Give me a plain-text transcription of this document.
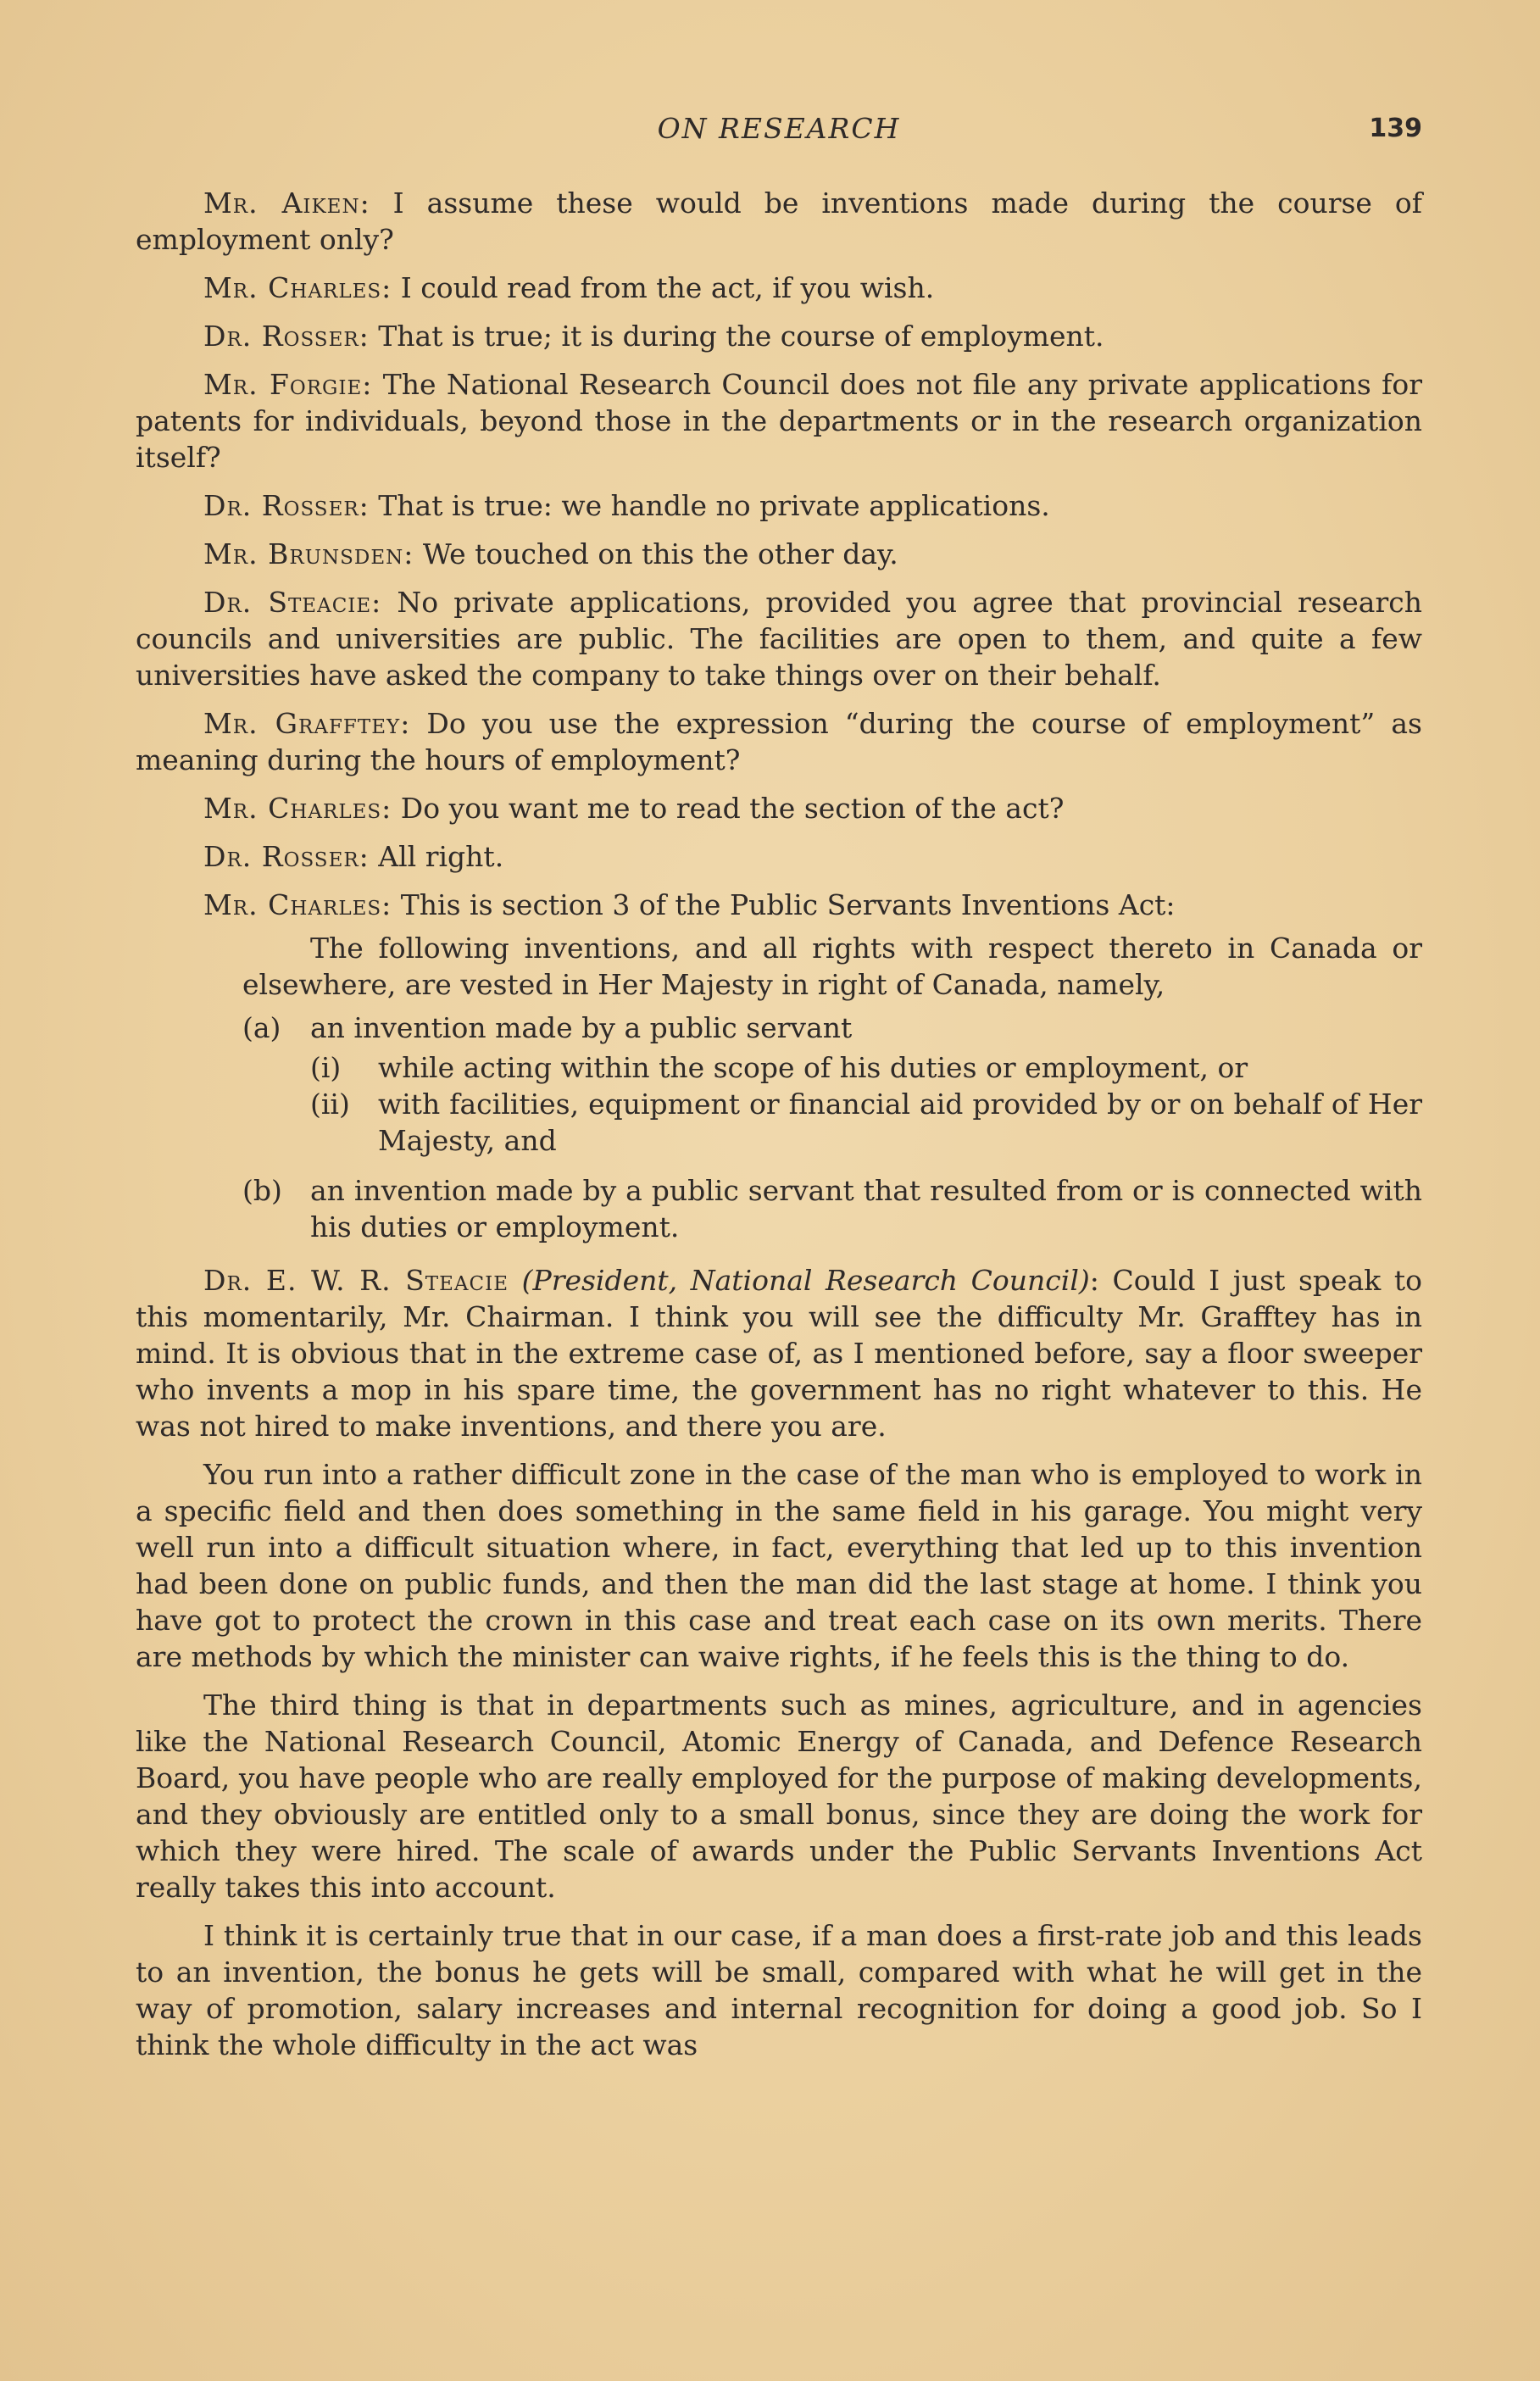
ON RESEARCH	139

Mr. Aiken: I assume these would be inventions made during the course of employment only?

Mr. Charles: I could read from the act, if you wish.

Dr. Rosser: That is true; it is during the course of employment.

Mr. Forgie: The National Research Council does not file any private applications for patents for individuals, beyond those in the departments or in the research organization itself?

Dr. Rosser: That is true: we handle no private applications.

Mr. Brunsden: We touched on this the other day.

Dr. Steacie: No private applications, provided you agree that provincial research councils and universities are public. The facilities are open to them, and quite a few universities have asked the company to take things over on their behalf.

Mr. Grafftey: Do you use the expression “during the course of employment” as meaning during the hours of employment?

Mr. Charles: Do you want me to read the section of the act?

Dr. Rosser: All right.

Mr. Charles: This is section 3 of the Public Servants Inventions Act:

The following inventions, and all rights with respect thereto in Canada or elsewhere, are vested in Her Majesty in right of Canada, namely,

(a) an invention made by a public servant
(i) while acting within the scope of his duties or employment, or
(ii) with facilities, equipment or financial aid provided by or on behalf of Her Majesty, and
(b) an invention made by a public servant that resulted from or is connected with his duties or employment.

Dr. E. W. R. Steacie (President, National Research Council): Could I just speak to this momentarily, Mr. Chairman. I think you will see the difficulty Mr. Grafftey has in mind. It is obvious that in the extreme case of, as I mentioned before, say a floor sweeper who invents a mop in his spare time, the government has no right whatever to this. He was not hired to make inventions, and there you are.

You run into a rather difficult zone in the case of the man who is employed to work in a specific field and then does something in the same field in his garage. You might very well run into a difficult situation where, in fact, everything that led up to this invention had been done on public funds, and then the man did the last stage at home. I think you have got to protect the crown in this case and treat each case on its own merits. There are methods by which the minister can waive rights, if he feels this is the thing to do.

The third thing is that in departments such as mines, agriculture, and in agencies like the National Research Council, Atomic Energy of Canada, and Defence Research Board, you have people who are really employed for the purpose of making developments, and they obviously are entitled only to a small bonus, since they are doing the work for which they were hired. The scale of awards under the Public Servants Inventions Act really takes this into account.

I think it is certainly true that in our case, if a man does a first-rate job and this leads to an invention, the bonus he gets will be small, compared with what he will get in the way of promotion, salary increases and internal recognition for doing a good job. So I think the whole difficulty in the act was
